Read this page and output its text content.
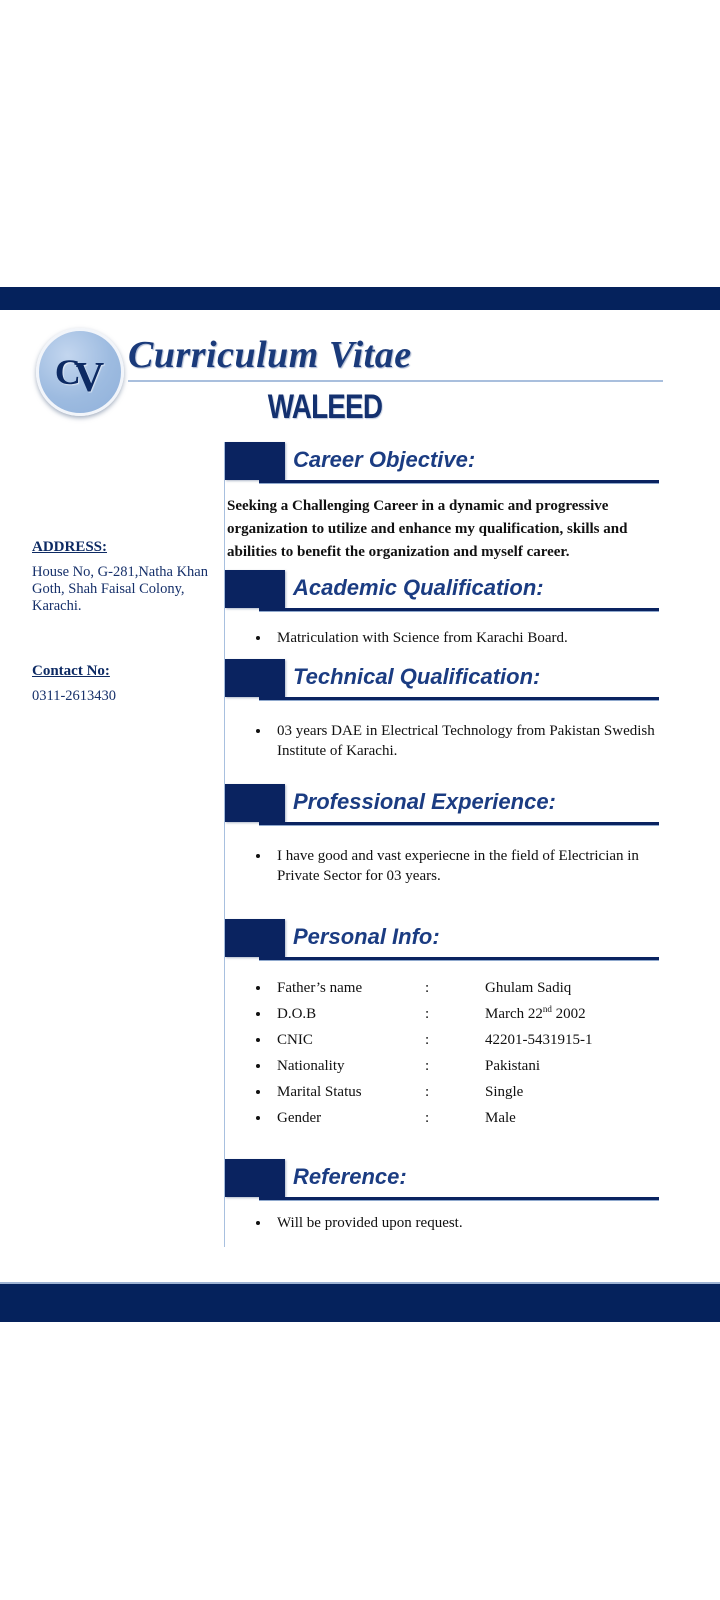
CV Curriculum Vitae
WALEED
ADDRESS:
House No, G-281,Natha Khan Goth, Shah Faisal Colony, Karachi.
Contact No:
0311-2613430
Career Objective:
Seeking a Challenging Career in a dynamic and progressive organization to utilize and enhance my qualification, skills and abilities to benefit the organization and myself career.
Academic Qualification:
• Matriculation with Science from Karachi Board.
Technical Qualification:
• 03 years DAE in Electrical Technology from Pakistan Swedish Institute of Karachi.
Professional Experience:
• I have good and vast experiecne in the field of Electrician in Private Sector for 03 years.
Personal Info:
• Father’s name	:	Ghulam Sadiq
• D.O.B	:	March 22nd 2002
• CNIC	:	42201-5431915-1
• Nationality	:	Pakistani
• Marital Status	:	Single
• Gender	:	Male
Reference:
• Will be provided upon request.
